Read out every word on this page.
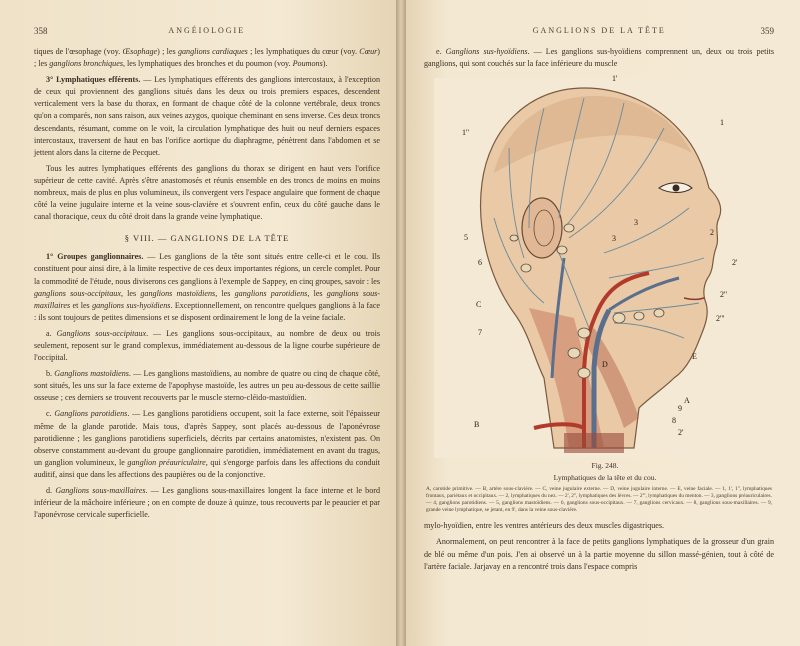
358	ANGÉIOLOGIE

tiques de l'œsophage (voy. Œsophage) ; les ganglions cardiaques ; les lymphatiques du cœur (voy. Cœur) ; les ganglions bronchiques, les lymphatiques des bronches et du poumon (voy. Poumons).

3° Lymphatiques efférents. — Les lymphatiques efférents des ganglions intercostaux, à l'exception de ceux qui proviennent des ganglions situés dans les deux ou trois premiers espaces, descendent verticalement vers la base du thorax, en formant de chaque côté de la colonne vertébrale, deux troncs qu'on a comparés, non sans raison, aux veines azygos, quoique cheminant en sens inverse. Ces deux troncs descendants, résumant, comme on le voit, la circulation lymphatique des huit ou neuf derniers espaces intercostaux, traversent de haut en bas l'orifice aortique du diaphragme, pénètrent dans l'abdomen et se jettent alors dans la citerne de Pecquet.

Tous les autres lymphatiques efférents des ganglions du thorax se dirigent en haut vers l'orifice supérieur de cette cavité. Après s'être anastomosés et réunis ensemble en des troncs de moins en moins nombreux, mais de plus en plus volumineux, ils convergent vers l'espace angulaire que forment de chaque côté la veine jugulaire interne et la veine sous-clavière et s'ouvrent enfin, ceux du côté gauche dans le canal thoracique, ceux du côté droit dans la grande veine lymphatique.

§ VIII. — GANGLIONS DE LA TÊTE

1° Groupes ganglionnaires. — Les ganglions de la tête sont situés entre celle-ci et le cou. Ils constituent pour ainsi dire, à la limite respective de ces deux importantes régions, un cercle complet. Pour la commodité de l'étude, nous diviserons ces ganglions à l'exemple de Sappey, en cinq groupes, savoir : les ganglions sous-occipitaux, les ganglions mastoïdiens, les ganglions parotidiens, les ganglions sous-maxillaires et les ganglions sus-hyoïdiens. Exceptionnellement, on rencontre quelques ganglions à la face : ils sont toujours de petites dimensions et se disposent ordinairement le long de la veine faciale.

a. Ganglions sous-occipitaux. — Les ganglions sous-occipitaux, au nombre de deux ou trois seulement, reposent sur le grand complexus, immédiatement au-dessous de la ligne courbe supérieure de l'occipital.

b. Ganglions mastoïdiens. — Les ganglions mastoïdiens, au nombre de quatre ou cinq de chaque côté, sont situés, les uns sur la face externe de l'apophyse mastoïde, les autres un peu au-dessous de cette saillie osseuse ; ces derniers se trouvent recouverts par le muscle sterno-cléido-mastoïdien.

c. Ganglions parotidiens. — Les ganglions parotidiens occupent, soit la face externe, soit l'épaisseur même de la glande parotide. Mais tous, d'après Sappey, sont placés au-dessous de l'aponévrose parotidienne ; les ganglions parotidiens superficiels, décrits par certains anatomistes, n'existent pas. On observe constamment au-devant du groupe ganglionnaire parotidien, immédiatement en avant du tragus, un ganglion volumineux, le ganglion préauriculaire, qui s'engorge parfois dans les affections du conduit auditif, ainsi que dans les affections des paupières ou de la conjonctive.

d. Ganglions sous-maxillaires. — Les ganglions sous-maxillaires longent la face interne et le bord inférieur de la mâchoire inférieure ; on en compte de douze à quinze, tous recouverts par le peaucier et par l'aponévrose cervicale superficielle.

GANGLIONS DE LA TÊTE	359

e. Ganglions sus-hyoïdiens. — Les ganglions sus-hyoïdiens comprennent un, deux ou trois petits ganglions, qui sont couchés sur la face inférieure du muscle

1'
1
1''
3
3
5
6
C
7
2'
2
2''
2'''
D
E
A
8
B
9
2'

Fig. 248.

Lymphatiques de la tête et du cou.

A, carotide primitive. — B, artère sous-clavière. — C, veine jugulaire externe. — D, veine jugulaire interne. — E, veine faciale. — 1, 1', 1'', lymphatiques frontaux, pariétaux et occipitaux. — 2, lymphatiques du nez. — 2', 2'', lymphatiques des lèvres. — 2''', lymphatiques du menton. — 3, ganglions préauriculaires. — 4, ganglions parotidiens. — 5, ganglions mastoïdiens. — 6, ganglions sous-occipitaux. — 7, ganglions cervicaux. — 8, ganglions sous-maxillaires. — 9, grande veine lymphatique, se jetant, en 9', dans la veine sous-clavière.

mylo-hyoïdien, entre les ventres antérieurs des deux muscles digastriques.

Anormalement, on peut rencontrer à la face de petits ganglions lymphatiques de la grosseur d'un grain de blé ou même d'un pois. J'en ai observé un à la partie moyenne du sillon massé-génien, tout à côté de l'artère faciale. Jarjavay en a rencontré trois dans l'espace compris
